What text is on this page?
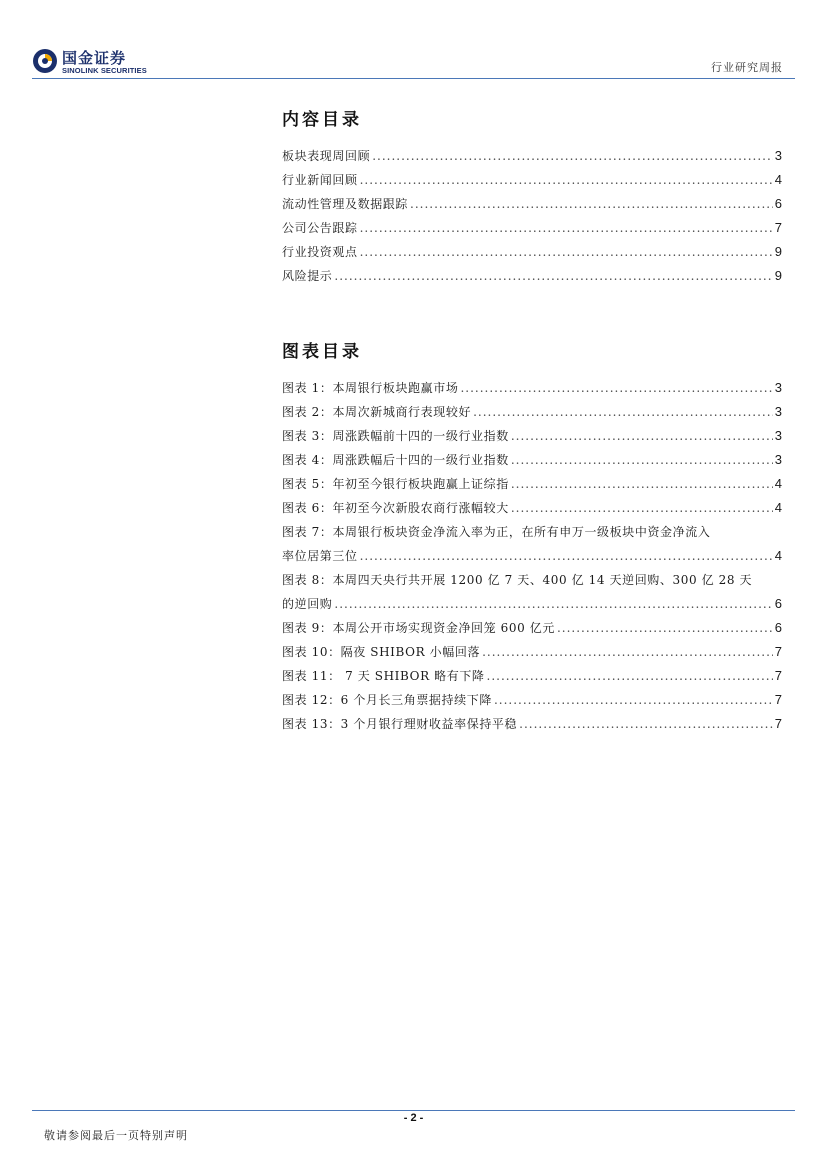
国金证券
SINOLINK SECURITIES	行业研究周报
内容目录
板块表现周回顾 .....	3
行业新闻回顾 .....	4
流动性管理及数据跟踪 .....	6
公司公告跟踪 .....	7
行业投资观点 .....	9
风险提示 .....	9
图表目录
图表 1：本周银行板块跑赢市场 .....	3
图表 2：本周次新城商行表现较好 .....	3
图表 3：周涨跌幅前十四的一级行业指数 .....	3
图表 4：周涨跌幅后十四的一级行业指数 .....	3
图表 5：年初至今银行板块跑赢上证综指 .....	4
图表 6：年初至今次新股农商行涨幅较大 .....	4
图表 7：本周银行板块资金净流入率为正，在所有申万一级板块中资金净流入
率位居第三位 .....	4
图表 8：本周四天央行共开展 1200 亿 7 天、400 亿 14 天逆回购、300 亿 28 天
的逆回购 .....	6
图表 9：本周公开市场实现资金净回笼 600 亿元 .....	6
图表 10：隔夜 SHIBOR 小幅回落 .....	7
图表 11： 7 天 SHIBOR 略有下降 .....	7
图表 12：6 个月长三角票据持续下降 .....	7
图表 13：3 个月银行理财收益率保持平稳 .....	7
- 2 -
敬请参阅最后一页特别声明
